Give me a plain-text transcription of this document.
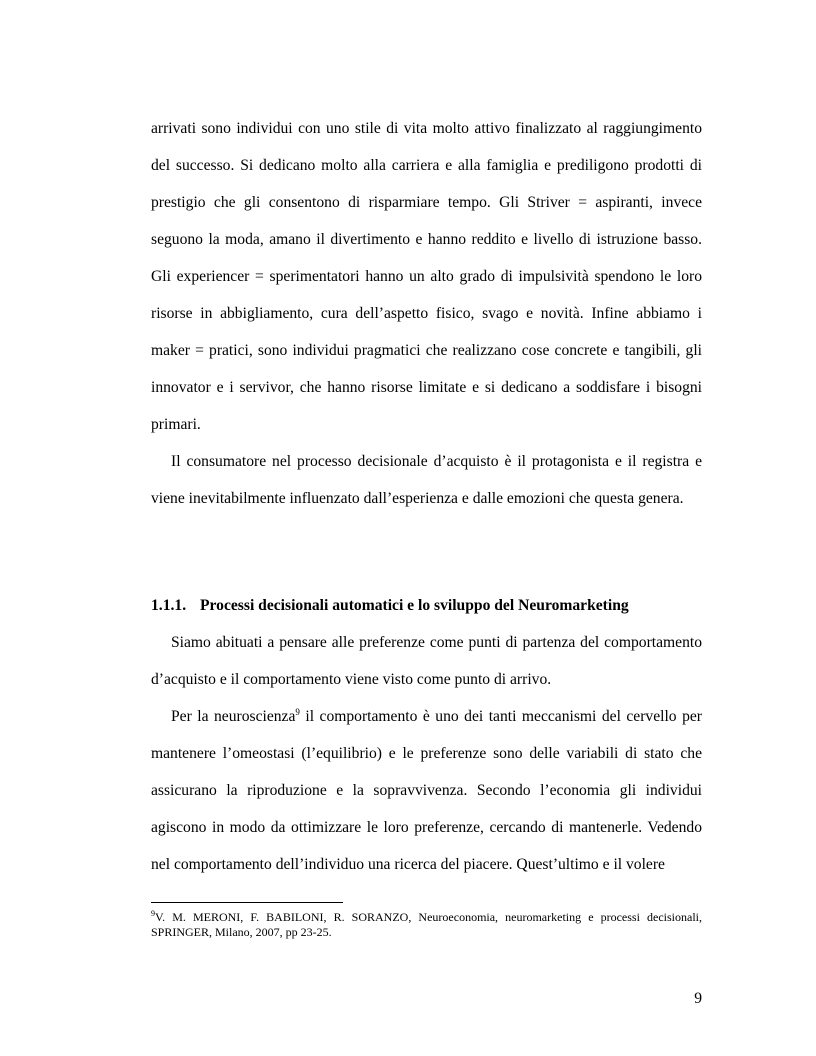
arrivati sono individui con uno stile di vita molto attivo finalizzato al raggiungimento del successo. Si dedicano molto alla carriera e alla famiglia e prediligono prodotti di prestigio che gli consentono di risparmiare tempo. Gli Striver = aspiranti, invece seguono la moda, amano il divertimento e hanno reddito e livello di istruzione basso. Gli experiencer = sperimentatori hanno un alto grado di impulsività spendono le loro risorse in abbigliamento, cura dell’aspetto fisico, svago e novità. Infine abbiamo i maker = pratici, sono individui pragmatici che realizzano cose concrete e tangibili, gli innovator e i servivor, che hanno risorse limitate e si dedicano a soddisfare i bisogni primari.

Il consumatore nel processo decisionale d’acquisto è il protagonista e il registra e viene inevitabilmente influenzato dall’esperienza e dalle emozioni che questa genera.

1.1.1. Processi decisionali automatici e lo sviluppo del Neuromarketing

Siamo abituati a pensare alle preferenze come punti di partenza del comportamento d’acquisto e il comportamento viene visto come punto di arrivo.

Per la neuroscienza$^9$ il comportamento è uno dei tanti meccanismi del cervello per mantenere l’omeostasi (l’equilibrio) e le preferenze sono delle variabili di stato che assicurano la riproduzione e la sopravvivenza. Secondo l’economia gli individui agiscono in modo da ottimizzare le loro preferenze, cercando di mantenerle. Vedendo nel comportamento dell’individuo una ricerca del piacere. Quest’ultimo e il volere

$^9$V. M. MERONI, F. BABILONI, R. SORANZO, Neuroeconomia, neuromarketing e processi decisionali, SPRINGER, Milano, 2007, pp 23-25.
9
